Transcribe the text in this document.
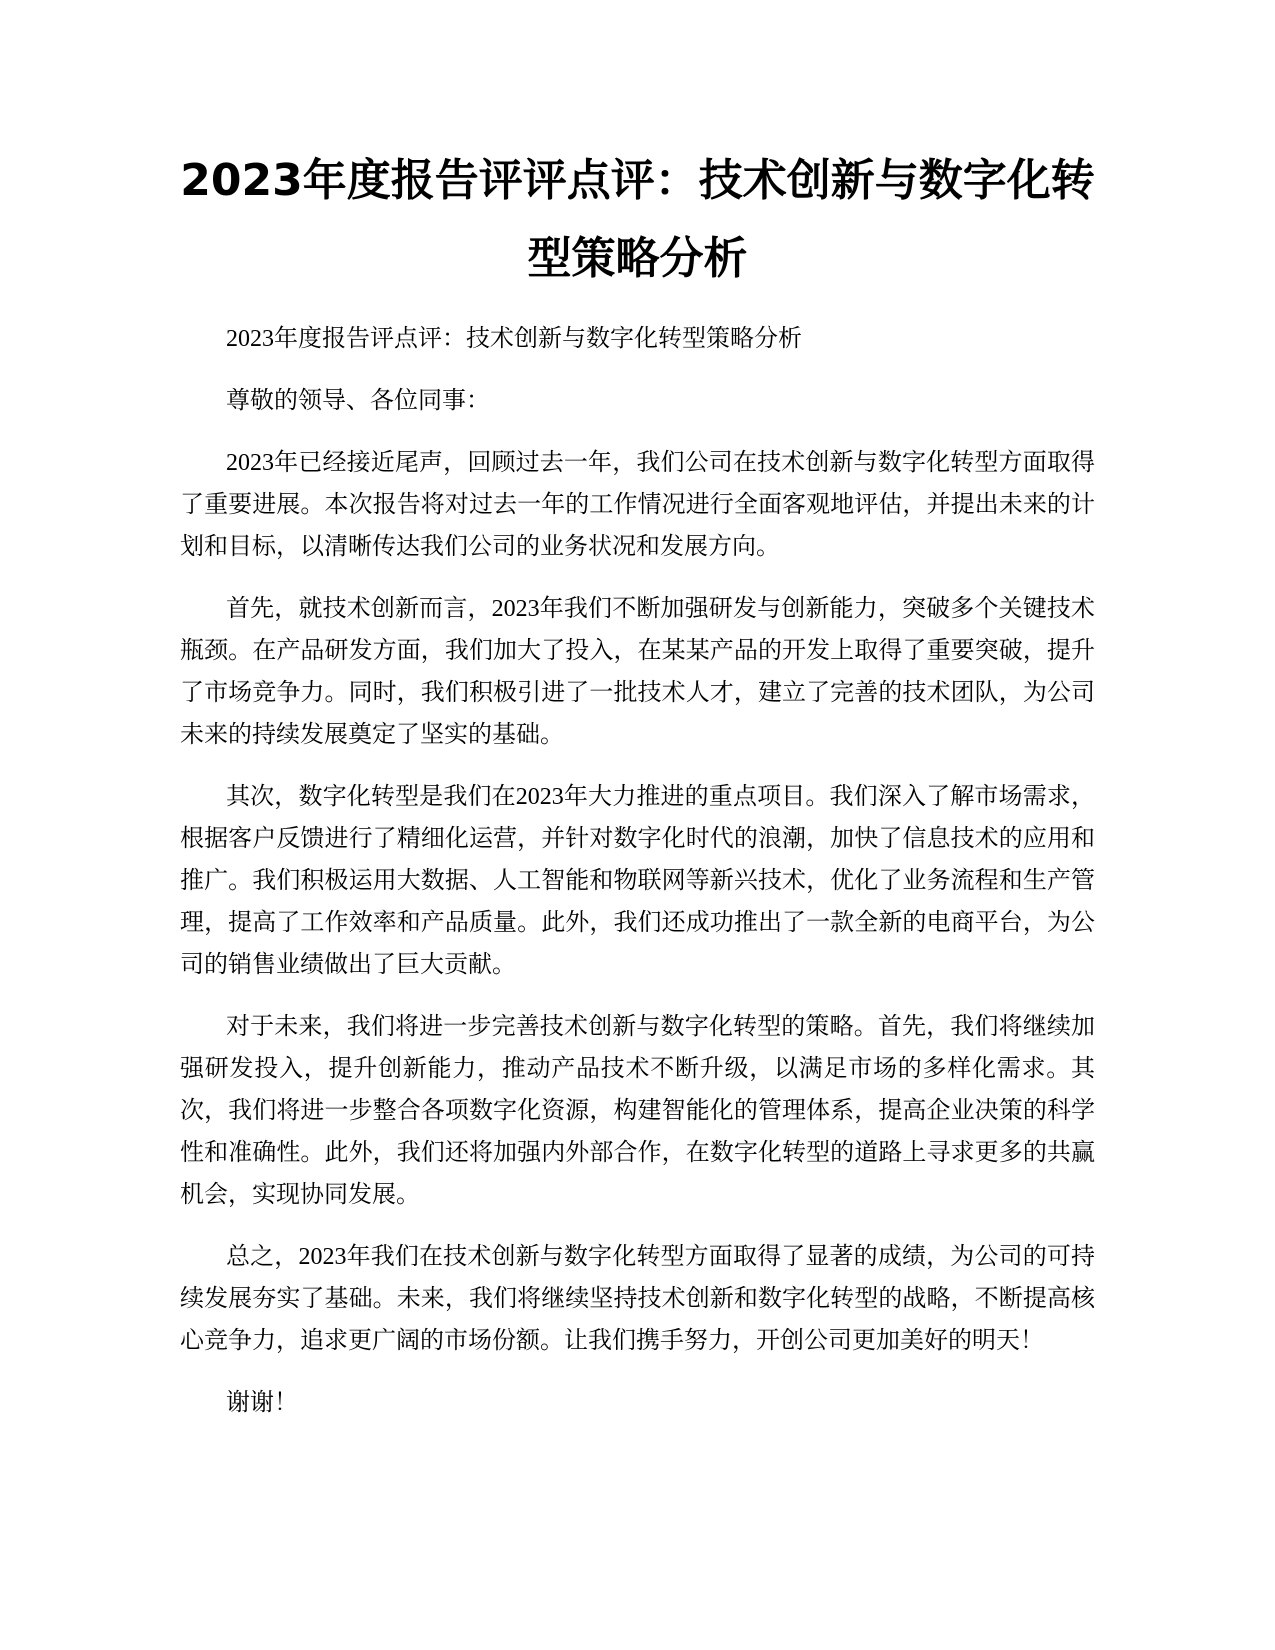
2023年度报告评评点评：技术创新与数字化转型策略分析

2023年度报告评点评：技术创新与数字化转型策略分析

尊敬的领导、各位同事：

2023年已经接近尾声，回顾过去一年，我们公司在技术创新与数字化转型方面取得了重要进展。本次报告将对过去一年的工作情况进行全面客观地评估，并提出未来的计划和目标，以清晰传达我们公司的业务状况和发展方向。

首先，就技术创新而言，2023年我们不断加强研发与创新能力，突破多个关键技术瓶颈。在产品研发方面，我们加大了投入，在某某产品的开发上取得了重要突破，提升了市场竞争力。同时，我们积极引进了一批技术人才，建立了完善的技术团队，为公司未来的持续发展奠定了坚实的基础。

其次，数字化转型是我们在2023年大力推进的重点项目。我们深入了解市场需求，根据客户反馈进行了精细化运营，并针对数字化时代的浪潮，加快了信息技术的应用和推广。我们积极运用大数据、人工智能和物联网等新兴技术，优化了业务流程和生产管理，提高了工作效率和产品质量。此外，我们还成功推出了一款全新的电商平台，为公司的销售业绩做出了巨大贡献。

对于未来，我们将进一步完善技术创新与数字化转型的策略。首先，我们将继续加强研发投入，提升创新能力，推动产品技术不断升级，以满足市场的多样化需求。其次，我们将进一步整合各项数字化资源，构建智能化的管理体系，提高企业决策的科学性和准确性。此外，我们还将加强内外部合作，在数字化转型的道路上寻求更多的共赢机会，实现协同发展。

总之，2023年我们在技术创新与数字化转型方面取得了显著的成绩，为公司的可持续发展夯实了基础。未来，我们将继续坚持技术创新和数字化转型的战略，不断提高核心竞争力，追求更广阔的市场份额。让我们携手努力，开创公司更加美好的明天！

谢谢！
